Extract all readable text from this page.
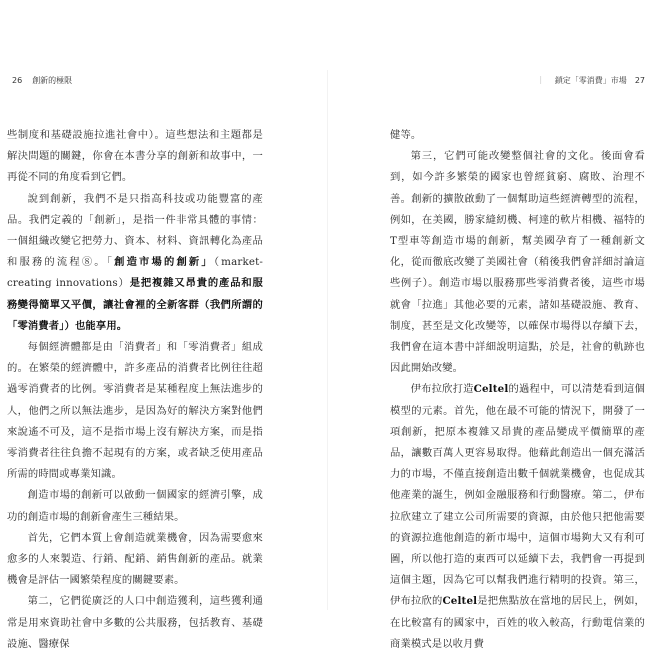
26 創新的極限

些制度和基礎設施拉進社會中）。這些想法和主題都是解決問題的關鍵，你會在本書分享的創新和故事中，一再從不同的角度看到它們。

說到創新，我們不是只指高科技或功能豐富的產品。我們定義的「創新」，是指一件非常具體的事情：一個組織改變它把勞力、資本、材料、資訊轉化為產品和服務的流程⑧。「創造市場的創新」（market-creating innovations）是把複雜又昂貴的產品和服務變得簡單又平價，讓社會裡的全新客群（我們所謂的「零消費者」）也能享用。

每個經濟體都是由「消費者」和「零消費者」組成的。在繁榮的經濟體中，許多產品的消費者比例往往超過零消費者的比例。零消費者是某種程度上無法進步的人，他們之所以無法進步，是因為好的解決方案對他們來說遙不可及，這不是指市場上沒有解決方案，而是指零消費者往往負擔不起現有的方案，或者缺乏使用產品所需的時間或專業知識。

創造市場的創新可以啟動一個國家的經濟引擎，成功的創造市場的創新會產生三種結果。

首先，它們本質上會創造就業機會，因為需要愈來愈多的人來製造、行銷、配銷、銷售創新的產品。就業機會是評估一國繁榮程度的關鍵要素。

第二，它們從廣泛的人口中創造獲利，這些獲利通常是用來資助社會中多數的公共服務，包括教育、基礎設施、醫療保

｜ 鎖定「零消費」市場 27

健等。

第三，它們可能改變整個社會的文化。後面會看到，如今許多繁榮的國家也曾經貧窮、腐敗、治理不善。創新的擴散啟動了一個幫助這些經濟轉型的流程，例如，在美國，勝家縫紉機、柯達的軟片相機、福特的T型車等創造市場的創新，幫美國孕育了一種創新文化，從而徹底改變了美國社會（稍後我們會詳細討論這些例子）。創造市場以服務那些零消費者後，這些市場就會「拉進」其他必要的元素，諸如基礎設施、教育、制度，甚至是文化改變等，以確保市場得以存續下去，我們會在這本書中詳細說明這點，於是，社會的軌跡也因此開始改變。

伊布拉欣打造Celtel的過程中，可以清楚看到這個模型的元素。首先，他在最不可能的情況下，開發了一項創新，把原本複雜又昂貴的產品變成平價簡單的產品，讓數百萬人更容易取得。他藉此創造出一個充滿活力的市場，不僅直接創造出數千個就業機會，也促成其他產業的誕生，例如金融服務和行動醫療。第二，伊布拉欣建立了建立公司所需要的資源，由於他只把他需要的資源拉進他創造的新市場中，這個市場夠大又有利可圖，所以他打造的東西可以延續下去，我們會一再提到這個主題，因為它可以幫我們進行精明的投資。第三，伊布拉欣的Celtel是把焦點放在當地的居民上，例如，在比較富有的國家中，百姓的收入較高，行動電信業的商業模式是以收月費
